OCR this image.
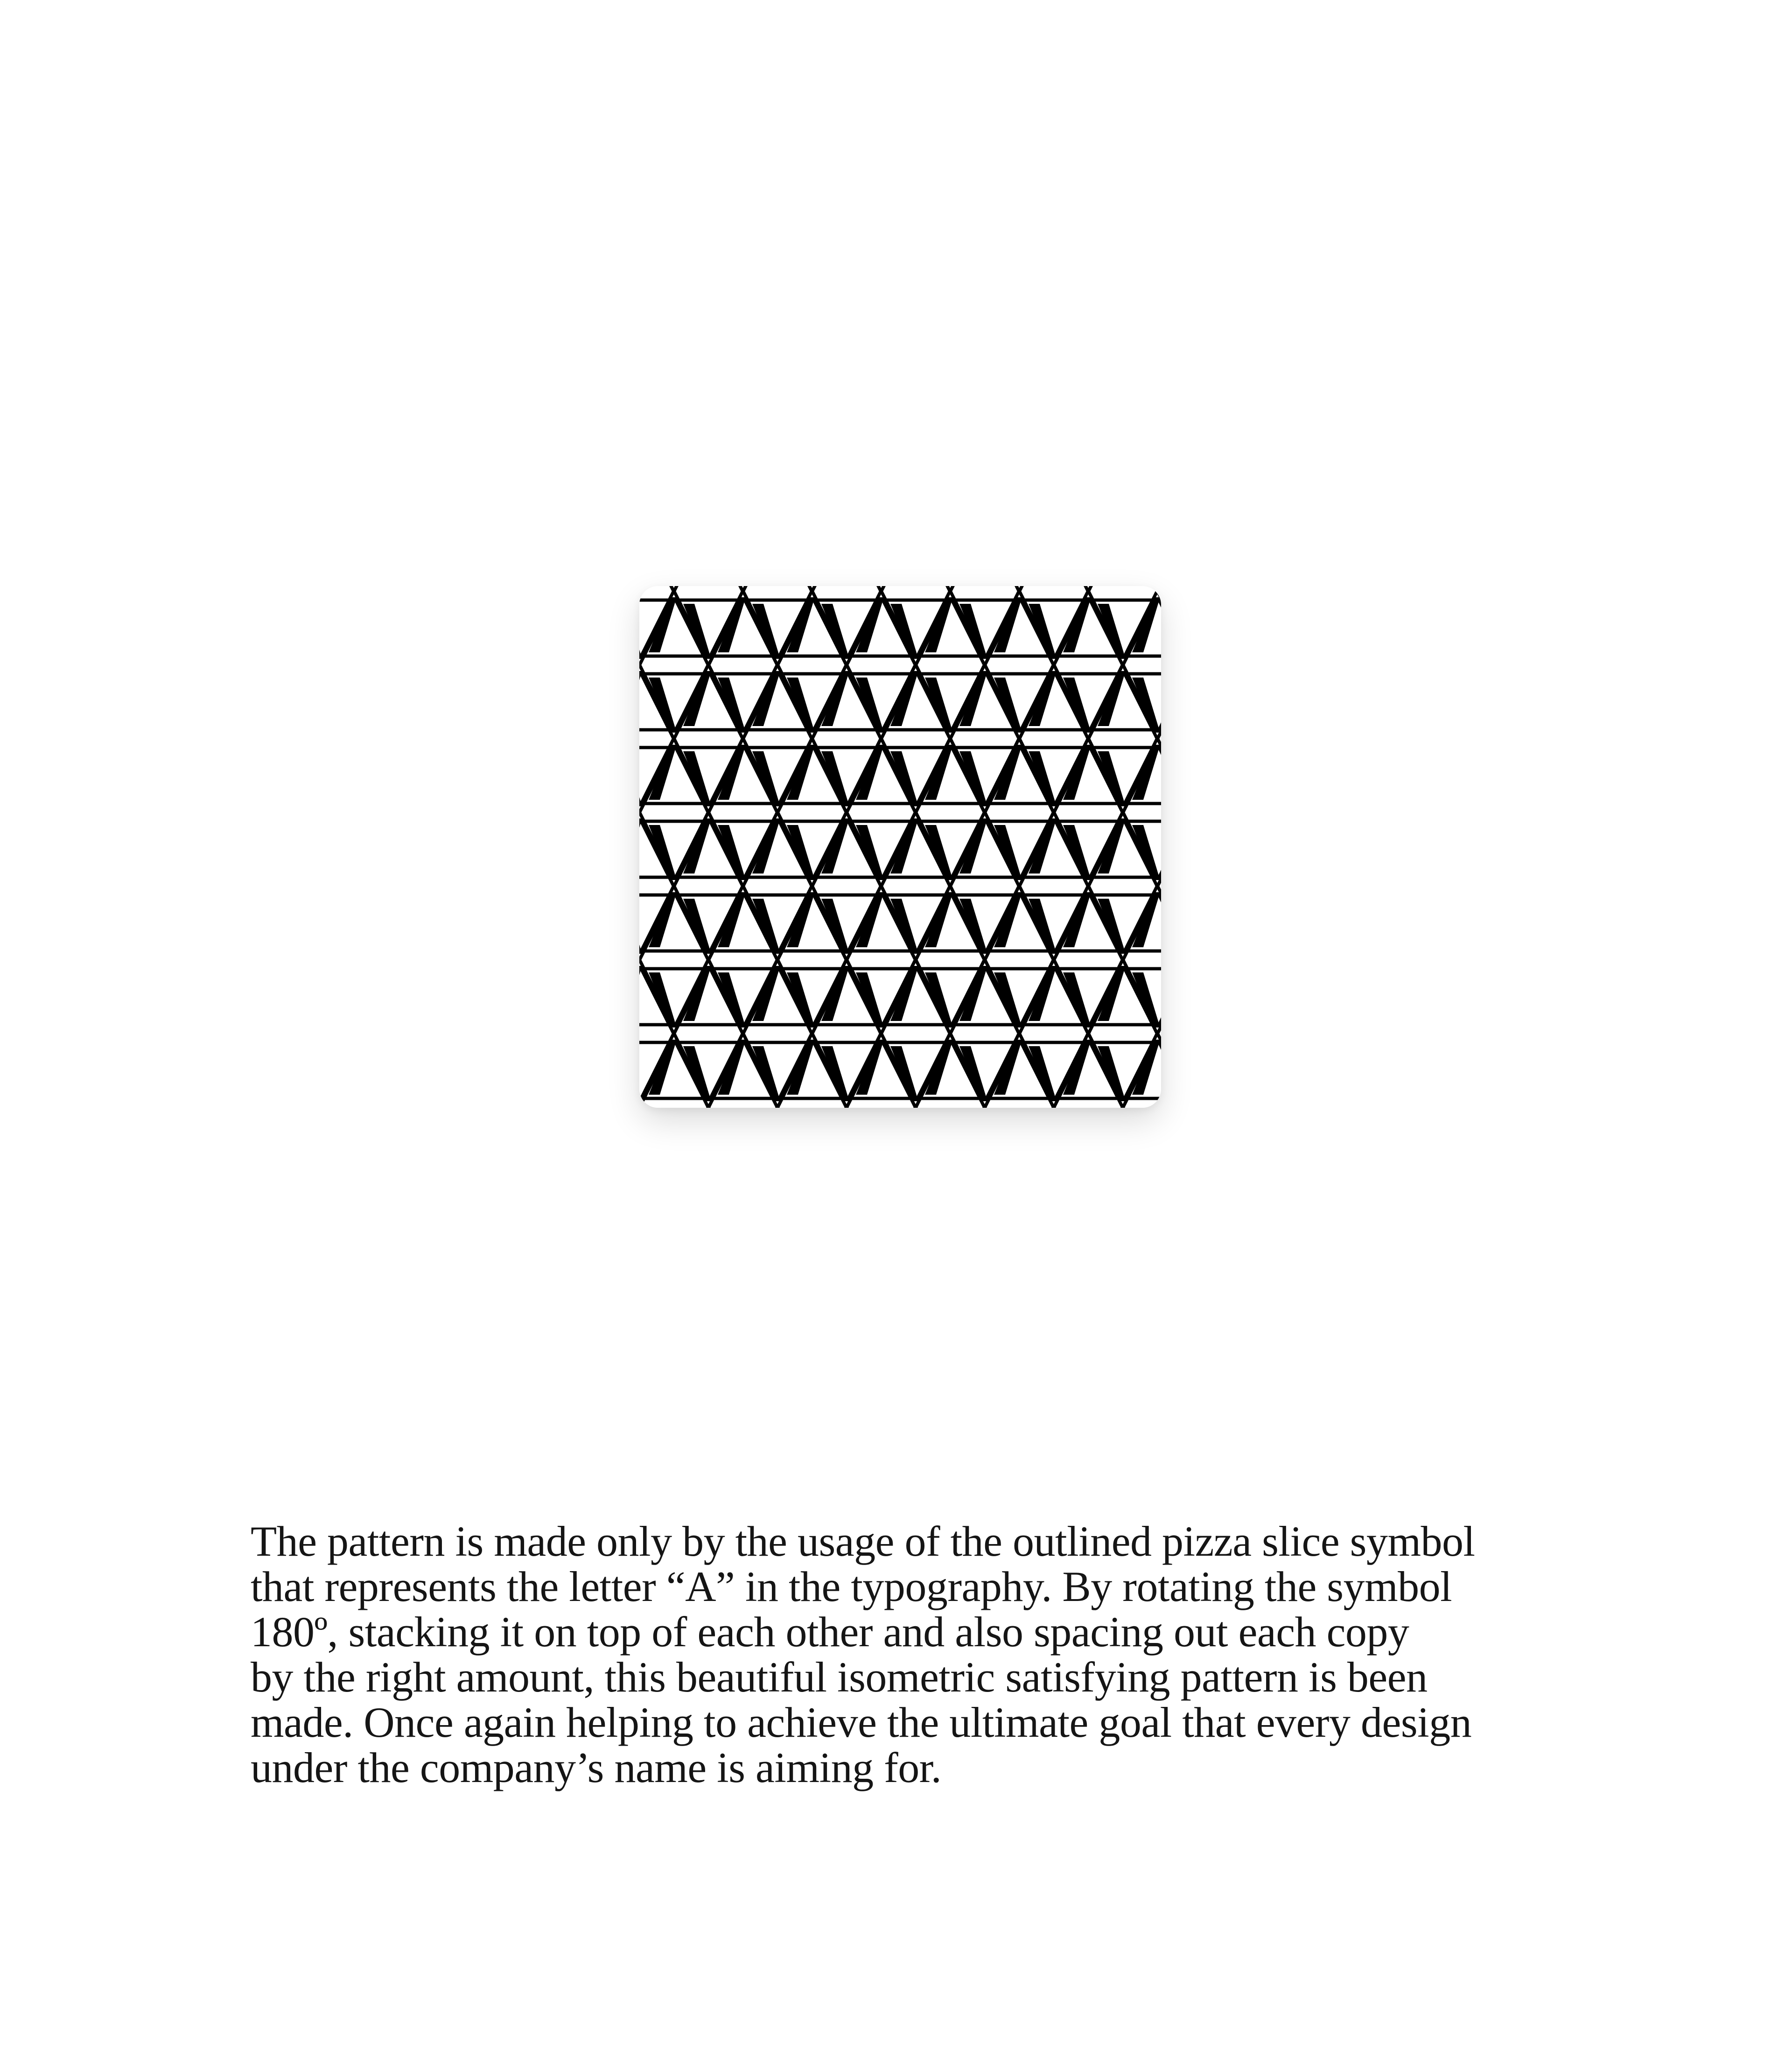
The pattern is made only by the usage of the outlined pizza slice symbol
that represents the letter “A” in the typography. By rotating the symbol
180º, stacking it on top of each other and also spacing out each copy
by the right amount, this beautiful isometric satisfying pattern is been
made. Once again helping to achieve the ultimate goal that every design
under the company’s name is aiming for.
